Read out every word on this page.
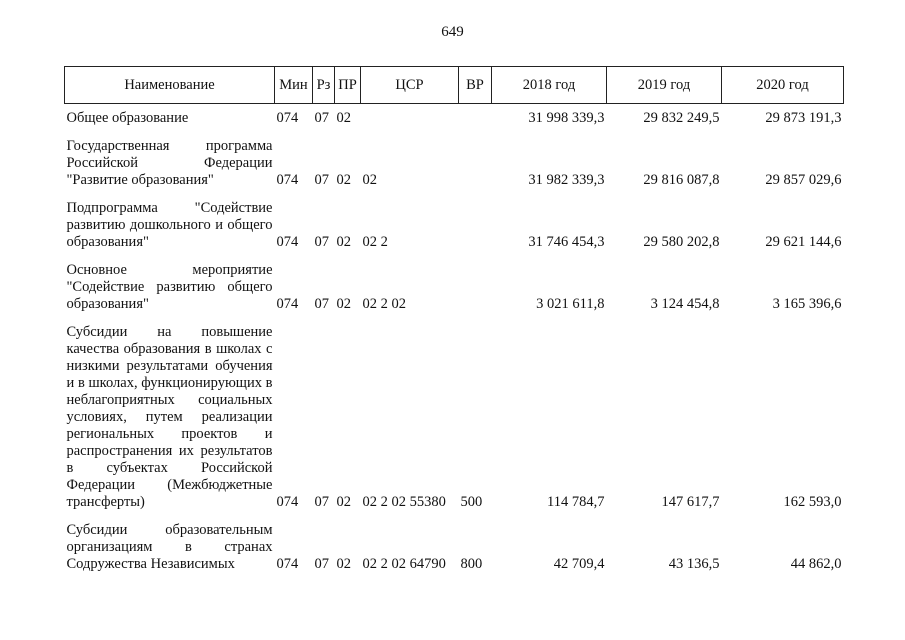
649
Наименование	Мин	Рз	ПР	ЦСР	ВР	2018 год	2019 год	2020 год
Общее образование	074	07	02			31 998 339,3	29 832 249,5	29 873 191,3
Государственная программа Российской Федерации "Развитие образования"	074	07	02	02		31 982 339,3	29 816 087,8	29 857 029,6
Подпрограмма "Содействие развитию дошкольного и общего образования"	074	07	02	02 2		31 746 454,3	29 580 202,8	29 621 144,6
Основное мероприятие "Содействие развитию общего образования"	074	07	02	02 2 02		3 021 611,8	3 124 454,8	3 165 396,6
Субсидии на повышение качества образования в школах с низкими результатами обучения и в школах, функционирующих в неблагоприятных социальных условиях, путем реализации региональных проектов и распространения их результатов в субъектах Российской Федерации (Межбюджетные трансферты)	074	07	02	02 2 02 55380	500	114 784,7	147 617,7	162 593,0
Субсидии образовательным организациям в странах Содружества Независимых	074	07	02	02 2 02 64790	800	42 709,4	43 136,5	44 862,0
